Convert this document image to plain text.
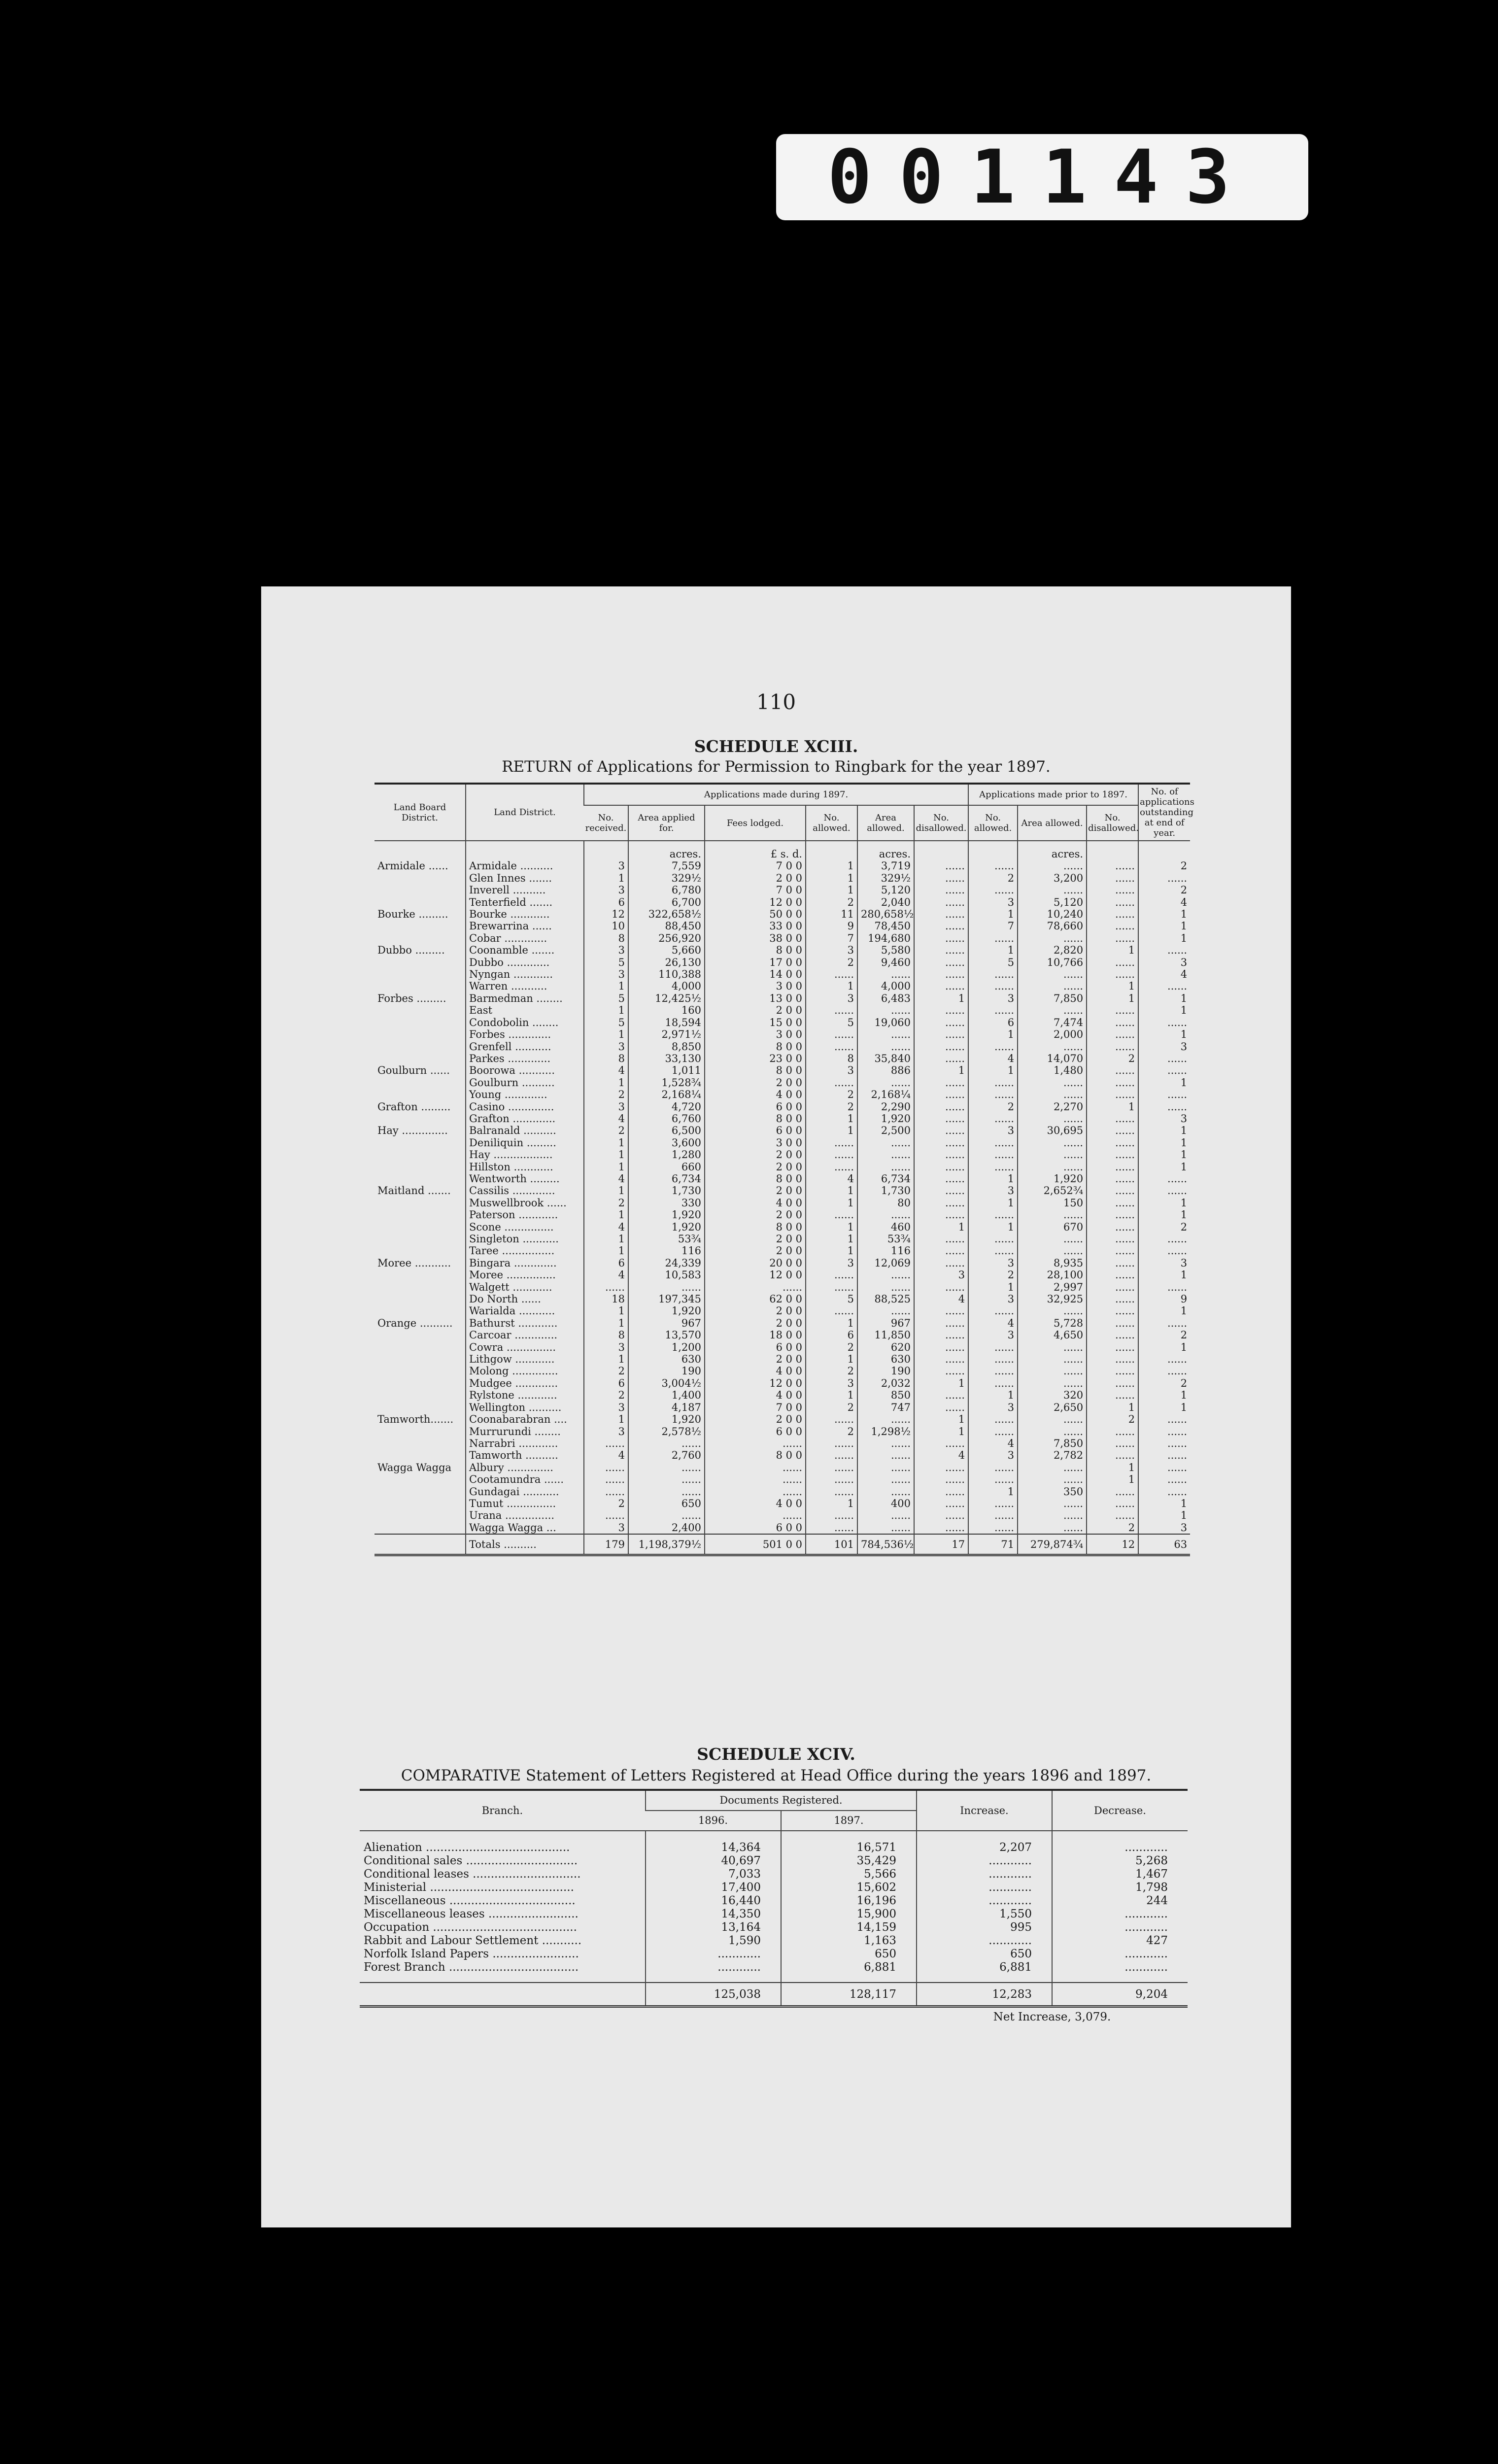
001143
110
SCHEDULE XCIII.
RETURN of Applications for Permission to Ringbark for the year 1897.
Land Board District.	Land District.	Applications made during 1897.						Applications made prior to 1897.			No. of applications outstanding at end of year.
		No. received.	Area applied for.	Fees lodged.	No. allowed.	Area allowed.	No. disallowed.	No. allowed.	Area allowed.	No. disallowed.	
			acres.	£ s. d.		acres.			acres.		
Armidale ......	Armidale ..........	3	7,559	7 0 0	1	3,719	......	......	......	......	2
	Glen Innes .......	1	329½	2 0 0	1	329½	......	2	3,200	......	......
	Inverell ..........	3	6,780	7 0 0	1	5,120	......	......	......	......	2
	Tenterfield .......	6	6,700	12 0 0	2	2,040	......	3	5,120	......	4
Bourke .........	Bourke ............	12	322,658½	50 0 0	11	280,658½	......	1	10,240	......	1
	Brewarrina ......	10	88,450	33 0 0	9	78,450	......	7	78,660	......	1
	Cobar .............	8	256,920	38 0 0	7	194,680	......	......	......	......	1
Dubbo .........	Coonamble .......	3	5,660	8 0 0	3	5,580	......	1	2,820	1	......
	Dubbo .............	5	26,130	17 0 0	2	9,460	......	5	10,766	......	3
	Nyngan ............	3	110,388	14 0 0	......	......	......	......	......	......	4
	Warren ...........	1	4,000	3 0 0	1	4,000	......	......	......	1	......
Forbes .........	Barmedman ........	5	12,425½	13 0 0	3	6,483	1	3	7,850	1	1
	East	1	160	2 0 0	......	......	......	......	......	......	1
	Condobolin ........	5	18,594	15 0 0	5	19,060	......	6	7,474	......	......
	Forbes .............	1	2,971½	3 0 0	......	......	......	1	2,000	......	1
	Grenfell ...........	3	8,850	8 0 0	......	......	......	......	......	......	3
	Parkes .............	8	33,130	23 0 0	8	35,840	......	4	14,070	2	......
Goulburn ......	Boorowa ...........	4	1,011	8 0 0	3	886	1	1	1,480	......	......
	Goulburn ..........	1	1,528¾	2 0 0	......	......	......	......	......	......	1
	Young .............	2	2,168¼	4 0 0	2	2,168¼	......	......	......	......	......
Grafton .........	Casino ..............	3	4,720	6 0 0	2	2,290	......	2	2,270	1	......
	Grafton .............	4	6,760	8 0 0	1	1,920	......	......	......	......	3
Hay ..............	Balranald ..........	2	6,500	6 0 0	1	2,500	......	3	30,695	......	1
	Deniliquin .........	1	3,600	3 0 0	......	......	......	......	......	......	1
	Hay ..................	1	1,280	2 0 0	......	......	......	......	......	......	1
	Hillston ............	1	660	2 0 0	......	......	......	......	......	......	1
	Wentworth .........	4	6,734	8 0 0	4	6,734	......	1	1,920	......	......
Maitland .......	Cassilis .............	1	1,730	2 0 0	1	1,730	......	3	2,652¾	......	......
	Muswellbrook ......	2	330	4 0 0	1	80	......	1	150	......	1
	Paterson ............	1	1,920	2 0 0	......	......	......	......	......	......	1
	Scone ...............	4	1,920	8 0 0	1	460	1	1	670	......	2
	Singleton ...........	1	53¾	2 0 0	1	53¾	......	......	......	......	......
	Taree ................	1	116	2 0 0	1	116	......	......	......	......	......
Moree ...........	Bingara .............	6	24,339	20 0 0	3	12,069	......	3	8,935	......	3
	Moree ...............	4	10,583	12 0 0	......	......	3	2	28,100	......	1
	Walgett ............	......	......	......	......	......	......	1	2,997	......	......
	Do North ......	18	197,345	62 0 0	5	88,525	4	3	32,925	......	9
	Warialda ...........	1	1,920	2 0 0	......	......	......	......	......	......	1
Orange ..........	Bathurst ............	1	967	2 0 0	1	967	......	4	5,728	......	......
	Carcoar .............	8	13,570	18 0 0	6	11,850	......	3	4,650	......	2
	Cowra ...............	3	1,200	6 0 0	2	620	......	......	......	......	1
	Lithgow ............	1	630	2 0 0	1	630	......	......	......	......	......
	Molong ..............	2	190	4 0 0	2	190	......	......	......	......	......
	Mudgee .............	6	3,004½	12 0 0	3	2,032	1	......	......	......	2
	Rylstone ............	2	1,400	4 0 0	1	850	......	1	320	......	1
	Wellington ..........	3	4,187	7 0 0	2	747	......	3	2,650	1	1
Tamworth.......	Coonabarabran ....	1	1,920	2 0 0	......	......	1	......	......	2	......
	Murrurundi ........	3	2,578½	6 0 0	2	1,298½	1	......	......	......	......
	Narrabri ............	......	......	......	......	......	......	4	7,850	......	......
	Tamworth ..........	4	2,760	8 0 0	......	......	4	3	2,782	......	......
Wagga Wagga	Albury ..............	......	......	......	......	......	......	......	......	1	......
	Cootamundra ......	......	......	......	......	......	......	......	......	1	......
	Gundagai ...........	......	......	......	......	......	......	1	350	......	......
	Tumut ...............	2	650	4 0 0	1	400	......	......	......	......	1
	Urana ...............	......	......	......	......	......	......	......	......	......	1
	Wagga Wagga ...	3	2,400	6 0 0	......	......	......	......	......	2	3
	Totals ..........	179	1,198,379½	501 0 0	101	784,536½	17	71	279,874¾	12	63
SCHEDULE XCIV.
COMPARATIVE Statement of Letters Registered at Head Office during the years 1896 and 1897.
Branch.	Documents Registered.		Increase.	Decrease.
	1896.	1897.		
Alienation ........................................	14,364	16,571	2,207	............
Conditional sales ...............................	40,697	35,429	............	5,268
Conditional leases ..............................	7,033	5,566	............	1,467
Ministerial ........................................	17,400	15,602	............	1,798
Miscellaneous ...................................	16,440	16,196	............	244
Miscellaneous leases .........................	14,350	15,900	1,550	............
Occupation ........................................	13,164	14,159	995	............
Rabbit and Labour Settlement ...........	1,590	1,163	............	427
Norfolk Island Papers ........................	............	650	650	............
Forest Branch ....................................	............	6,881	6,881	............
	125,038	128,117	12,283	9,204
			Net Increase, 3,079.	
